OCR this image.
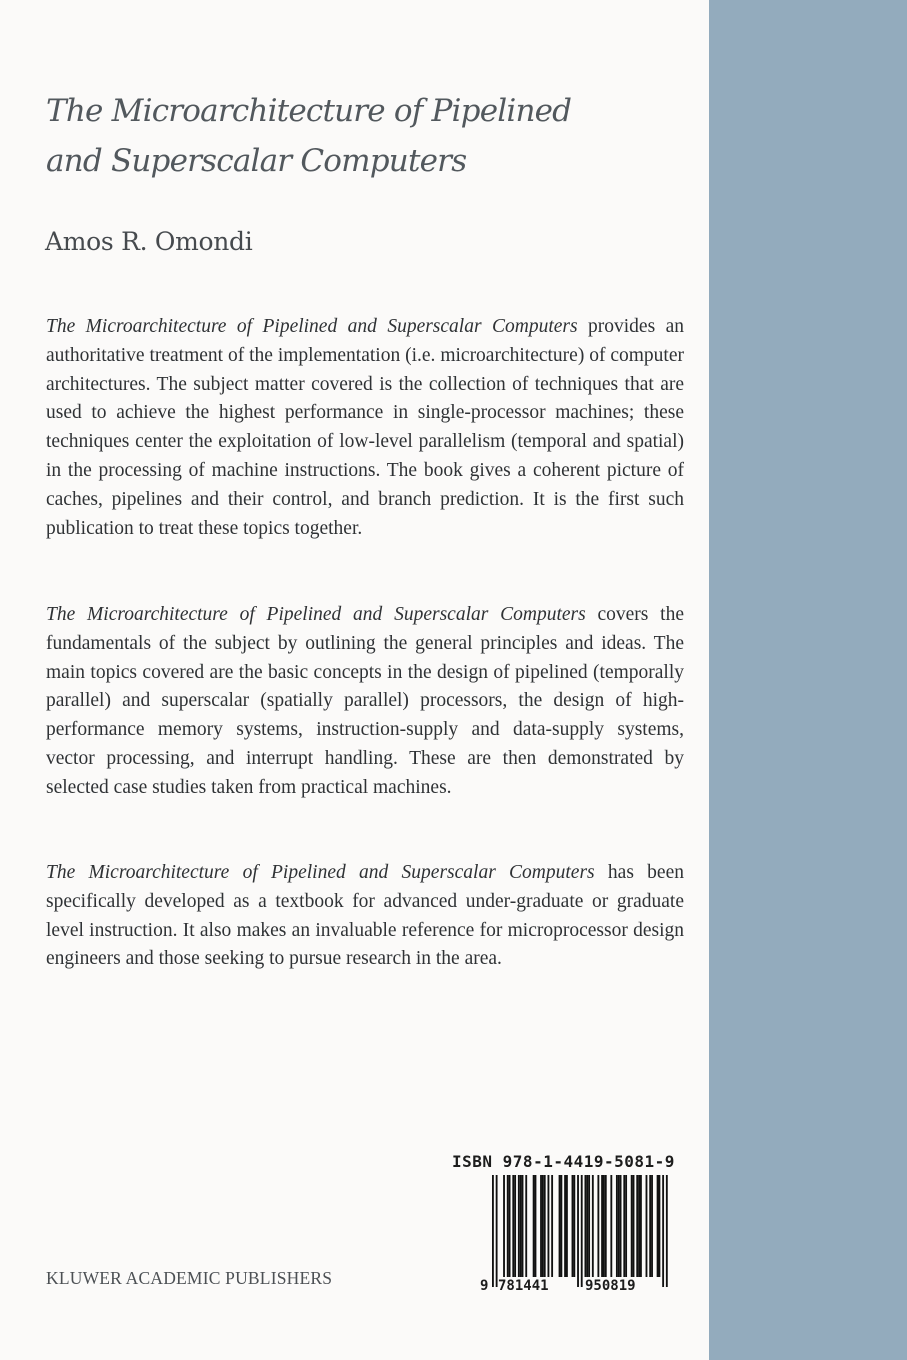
The Microarchitecture of Pipelined
and Superscalar Computers

Amos R. Omondi

The Microarchitecture of Pipelined and Superscalar Computers provides an authoritative treatment of the implementation (i.e. microarchitecture) of computer architectures. The subject matter covered is the collection of techniques that are used to achieve the highest performance in single-processor machines; these techniques center the exploitation of low-level parallelism (temporal and spatial) in the processing of machine instructions. The book gives a coherent picture of caches, pipelines and their control, and branch prediction. It is the first such publication to treat these topics together.

The Microarchitecture of Pipelined and Superscalar Computers covers the fundamentals of the subject by outlining the general principles and ideas. The main topics covered are the basic concepts in the design of pipelined (temporally parallel) and superscalar (spatially parallel) processors, the design of high-performance memory systems, instruction-supply and data-supply systems, vector processing, and interrupt handling. These are then demonstrated by selected case studies taken from practical machines.

The Microarchitecture of Pipelined and Superscalar Computers has been specifically developed as a textbook for advanced under-graduate or graduate level instruction. It also makes an invaluable reference for microprocessor design engineers and those seeking to pursue research in the area.

ISBN 978-1-4419-5081-9
9 781441	950819

KLUWER ACADEMIC PUBLISHERS
